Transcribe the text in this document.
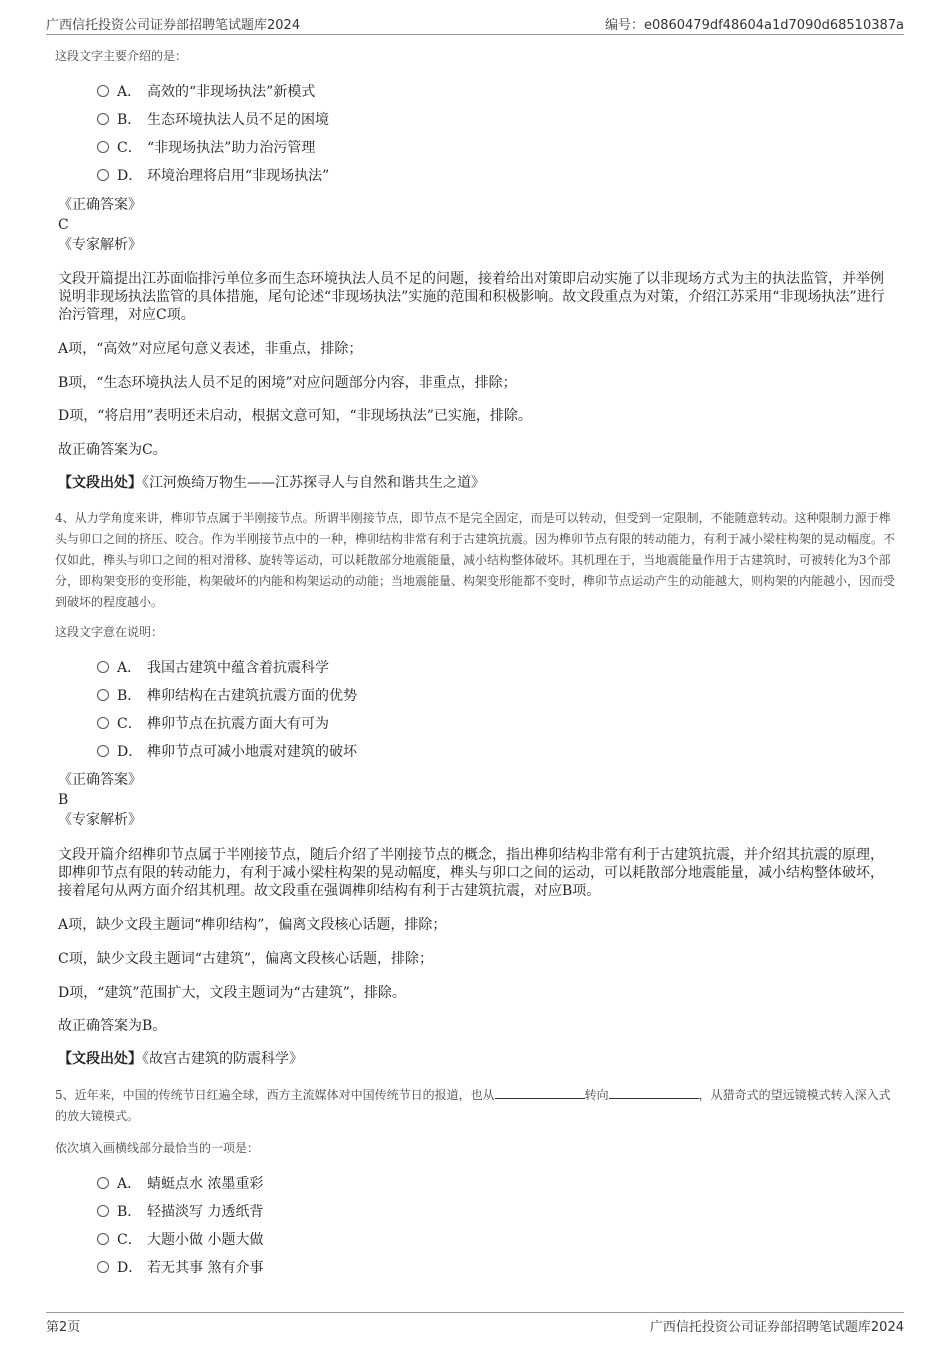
广西信托投资公司证券部招聘笔试题库2024	编号：e0860479df48604a1d7090d68510387a
这段文字主要介绍的是：
A． 高效的“非现场执法”新模式
B． 生态环境执法人员不足的困境
C． “非现场执法”助力治污管理
D． 环境治理将启用“非现场执法”
《正确答案》
C
《专家解析》
文段开篇提出江苏面临排污单位多而生态环境执法人员不足的问题，接着给出对策即启动实施了以非现场方式为主的执法监管，并举例说明非现场执法监管的具体措施，尾句论述“非现场执法”实施的范围和积极影响。故文段重点为对策，介绍江苏采用“非现场执法”进行治污管理，对应C项。
A项，“高效”对应尾句意义表述，非重点，排除；
B项，“生态环境执法人员不足的困境”对应问题部分内容，非重点，排除；
D项，“将启用”表明还未启动，根据文意可知，“非现场执法”已实施，排除。
故正确答案为C。
【文段出处】《江河焕绮万物生——江苏探寻人与自然和谐共生之道》
4、从力学角度来讲，榫卯节点属于半刚接节点。所谓半刚接节点，即节点不是完全固定，而是可以转动，但受到一定限制，不能随意转动。这种限制力源于榫头与卯口之间的挤压、咬合。作为半刚接节点中的一种，榫卯结构非常有利于古建筑抗震。因为榫卯节点有限的转动能力，有利于减小梁柱构架的晃动幅度。不仅如此，榫头与卯口之间的相对滑移、旋转等运动，可以耗散部分地震能量，减小结构整体破坏。其机理在于，当地震能量作用于古建筑时，可被转化为3个部分，即构架变形的变形能，构架破坏的内能和构架运动的动能；当地震能量、构架变形能都不变时，榫卯节点运动产生的动能越大，则构架的内能越小，因而受到破坏的程度越小。
这段文字意在说明：
A． 我国古建筑中蕴含着抗震科学
B． 榫卯结构在古建筑抗震方面的优势
C． 榫卯节点在抗震方面大有可为
D． 榫卯节点可减小地震对建筑的破坏
《正确答案》
B
《专家解析》
文段开篇介绍榫卯节点属于半刚接节点，随后介绍了半刚接节点的概念，指出榫卯结构非常有利于古建筑抗震，并介绍其抗震的原理，即榫卯节点有限的转动能力，有利于减小梁柱构架的晃动幅度，榫头与卯口之间的运动，可以耗散部分地震能量，减小结构整体破坏，接着尾句从两方面介绍其机理。故文段重在强调榫卯结构有利于古建筑抗震，对应B项。
A项，缺少文段主题词“榫卯结构”，偏离文段核心话题，排除；
C项，缺少文段主题词“古建筑”，偏离文段核心话题，排除；
D项，“建筑”范围扩大，文段主题词为“古建筑”，排除。
故正确答案为B。
【文段出处】《故宫古建筑的防震科学》
5、近年来，中国的传统节日红遍全球，西方主流媒体对中国传统节日的报道，也从	转向	，从猎奇式的望远镜模式转入深入式的放大镜模式。
依次填入画横线部分最恰当的一项是：
A． 蜻蜓点水 浓墨重彩
B． 轻描淡写 力透纸背
C． 大题小做 小题大做
D． 若无其事 煞有介事
第2页	广西信托投资公司证券部招聘笔试题库2024
